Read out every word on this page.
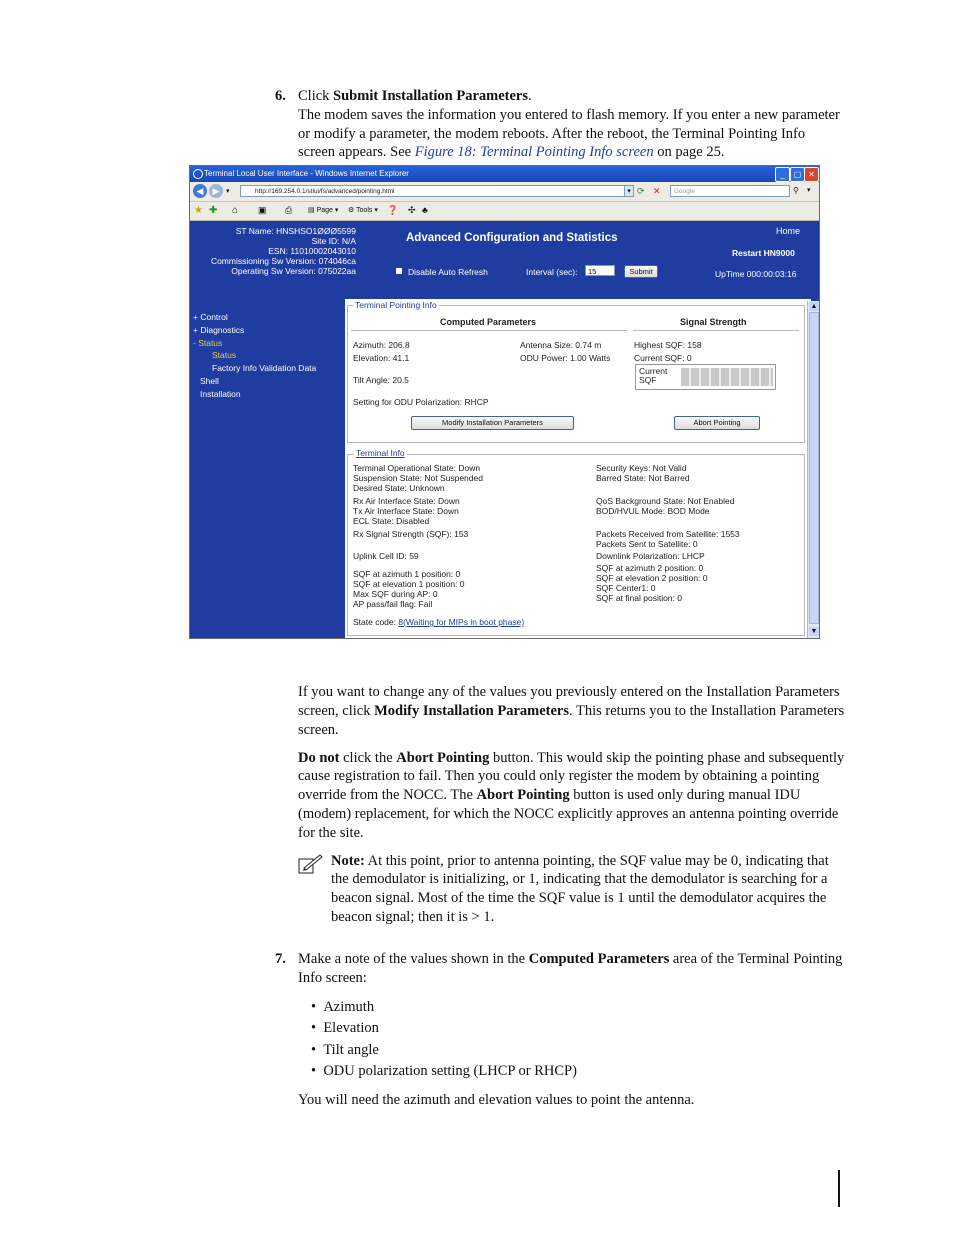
6. Click Submit Installation Parameters.
The modem saves the information you entered to flash memory. If you enter a new parameter
or modify a parameter, the modem reboots. After the reboot, the Terminal Pointing Info
screen appears. See Figure 18: Terminal Pointing Info screen on page 25.
Terminal Local User Interface - Windows Internet Explorer	_	▢ ✕
◀	▶ ▾	http://169.254.0.1/stlui/fs/advanced/pointing.html	▾ ⟳ ✕	Google	⚲	▾
★ ✚ ⌂ ▣ ⎙ ▤ Page ▾ ⚙ Tools ▾ ❓ ✣ ♣
ST Name: HNSHSO1ØØØ5599
Site ID: N/A
ESN: 1101000204301​0
Commissioning Sw Version: 074046ca
Operating Sw Version: 075022aa
Advanced Configuration and Statistics
Home
Restart HN9000
Disable Auto Refresh	Interval (sec):	15	Submit	UpTime 000:00:03:16
+ Control
+ Diagnostics
- Status
Status
Factory Info Validation Data
Shell
Installation
Terminal Pointing Info
Computed Parameters	Signal Strength
Azimuth: 206.8
Elevation: 41.1
Antenna Size: 0.74 m
ODU Power: 1.00 Watts
Highest SQF: 158
Current SQF: 0
Current
SQF
Tilt Angle: 20.5
Setting for ODU Polarization: RHCP
Modify Installation Parameters	Abort Pointing
Terminal Info
Terminal Operational State: Down
Suspension State: Not Suspended
Desired State: Unknown
Rx Air Interface State: Down
Tx Air Interface State: Down
ECL State: Disabled
Rx Signal Strength (SQF): 153
Uplink Cell ID: 59
SQF at azimuth 1 position: 0
SQF at elevation 1 position: 0
Max SQF during AP: 0
AP pass/fail flag: Fail
Security Keys: Not Valid
Barred State: Not Barred
QoS Background State: Not Enabled
BOD/HVUL Mode: BOD Mode
Packets Received from Satellite: 1553
Packets Sent to Satellite: 0
Downlink Polarization: LHCP
SQF at azimuth 2 position: 0
SQF at elevation 2 position: 0
SQF Center1: 0
SQF at final position: 0
State code: 8(Waiting for MIPs in boot phase)
▲
▼
If you want to change any of the values you previously entered on the Installation Parameters
screen, click Modify Installation Parameters. This returns you to the Installation Parameters
screen.
Do not click the Abort Pointing button. This would skip the pointing phase and subsequently
cause registration to fail. Then you could only register the modem by obtaining a pointing
override from the NOCC. The Abort Pointing button is used only during manual IDU
(modem) replacement, for which the NOCC explicitly approves an antenna pointing override
for the site.
Note: At this point, prior to antenna pointing, the SQF value may be 0, indicating that
the demodulator is initializing, or 1, indicating that the demodulator is searching for a
beacon signal. Most of the time the SQF value is 1 until the demodulator acquires the
beacon signal; then it is > 1.
7. Make a note of the values shown in the Computed Parameters area of the Terminal Pointing
Info screen:
•  Azimuth
•  Elevation
•  Tilt angle
•  ODU polarization setting (LHCP or RHCP)
You will need the azimuth and elevation values to point the antenna.
